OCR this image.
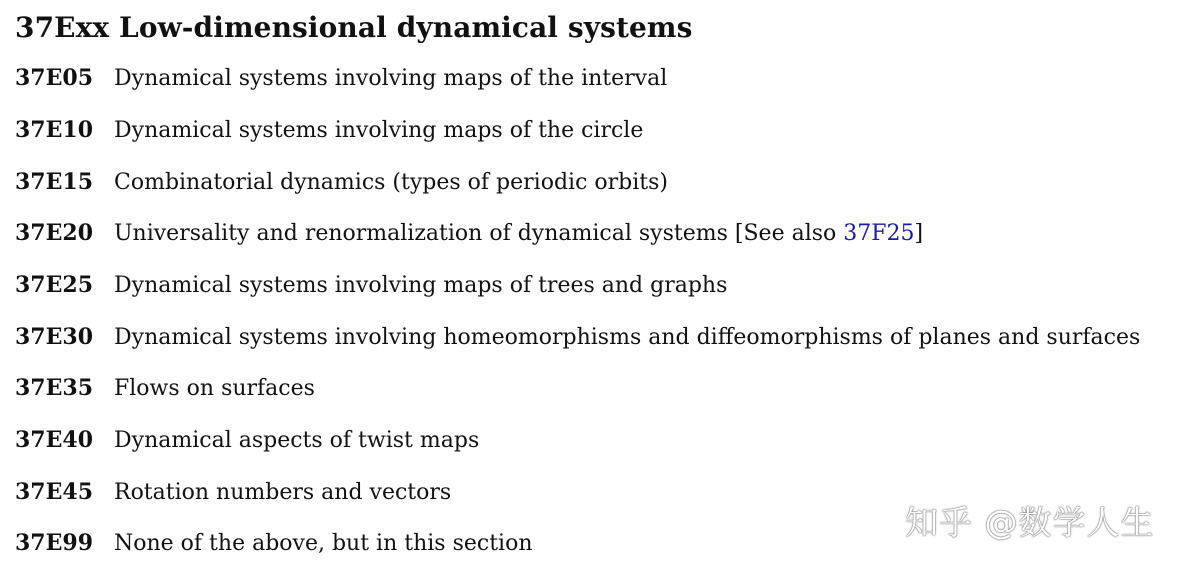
37Exx Low-dimensional dynamical systems
37E05 Dynamical systems involving maps of the interval
37E10 Dynamical systems involving maps of the circle
37E15 Combinatorial dynamics (types of periodic orbits)
37E20 Universality and renormalization of dynamical systems [See also 37F25]
37E25 Dynamical systems involving maps of trees and graphs
37E30 Dynamical systems involving homeomorphisms and diffeomorphisms of planes and surfaces
37E35 Flows on surfaces
37E40 Dynamical aspects of twist maps
37E45 Rotation numbers and vectors
37E99 None of the above, but in this section
知乎 @数学人生
